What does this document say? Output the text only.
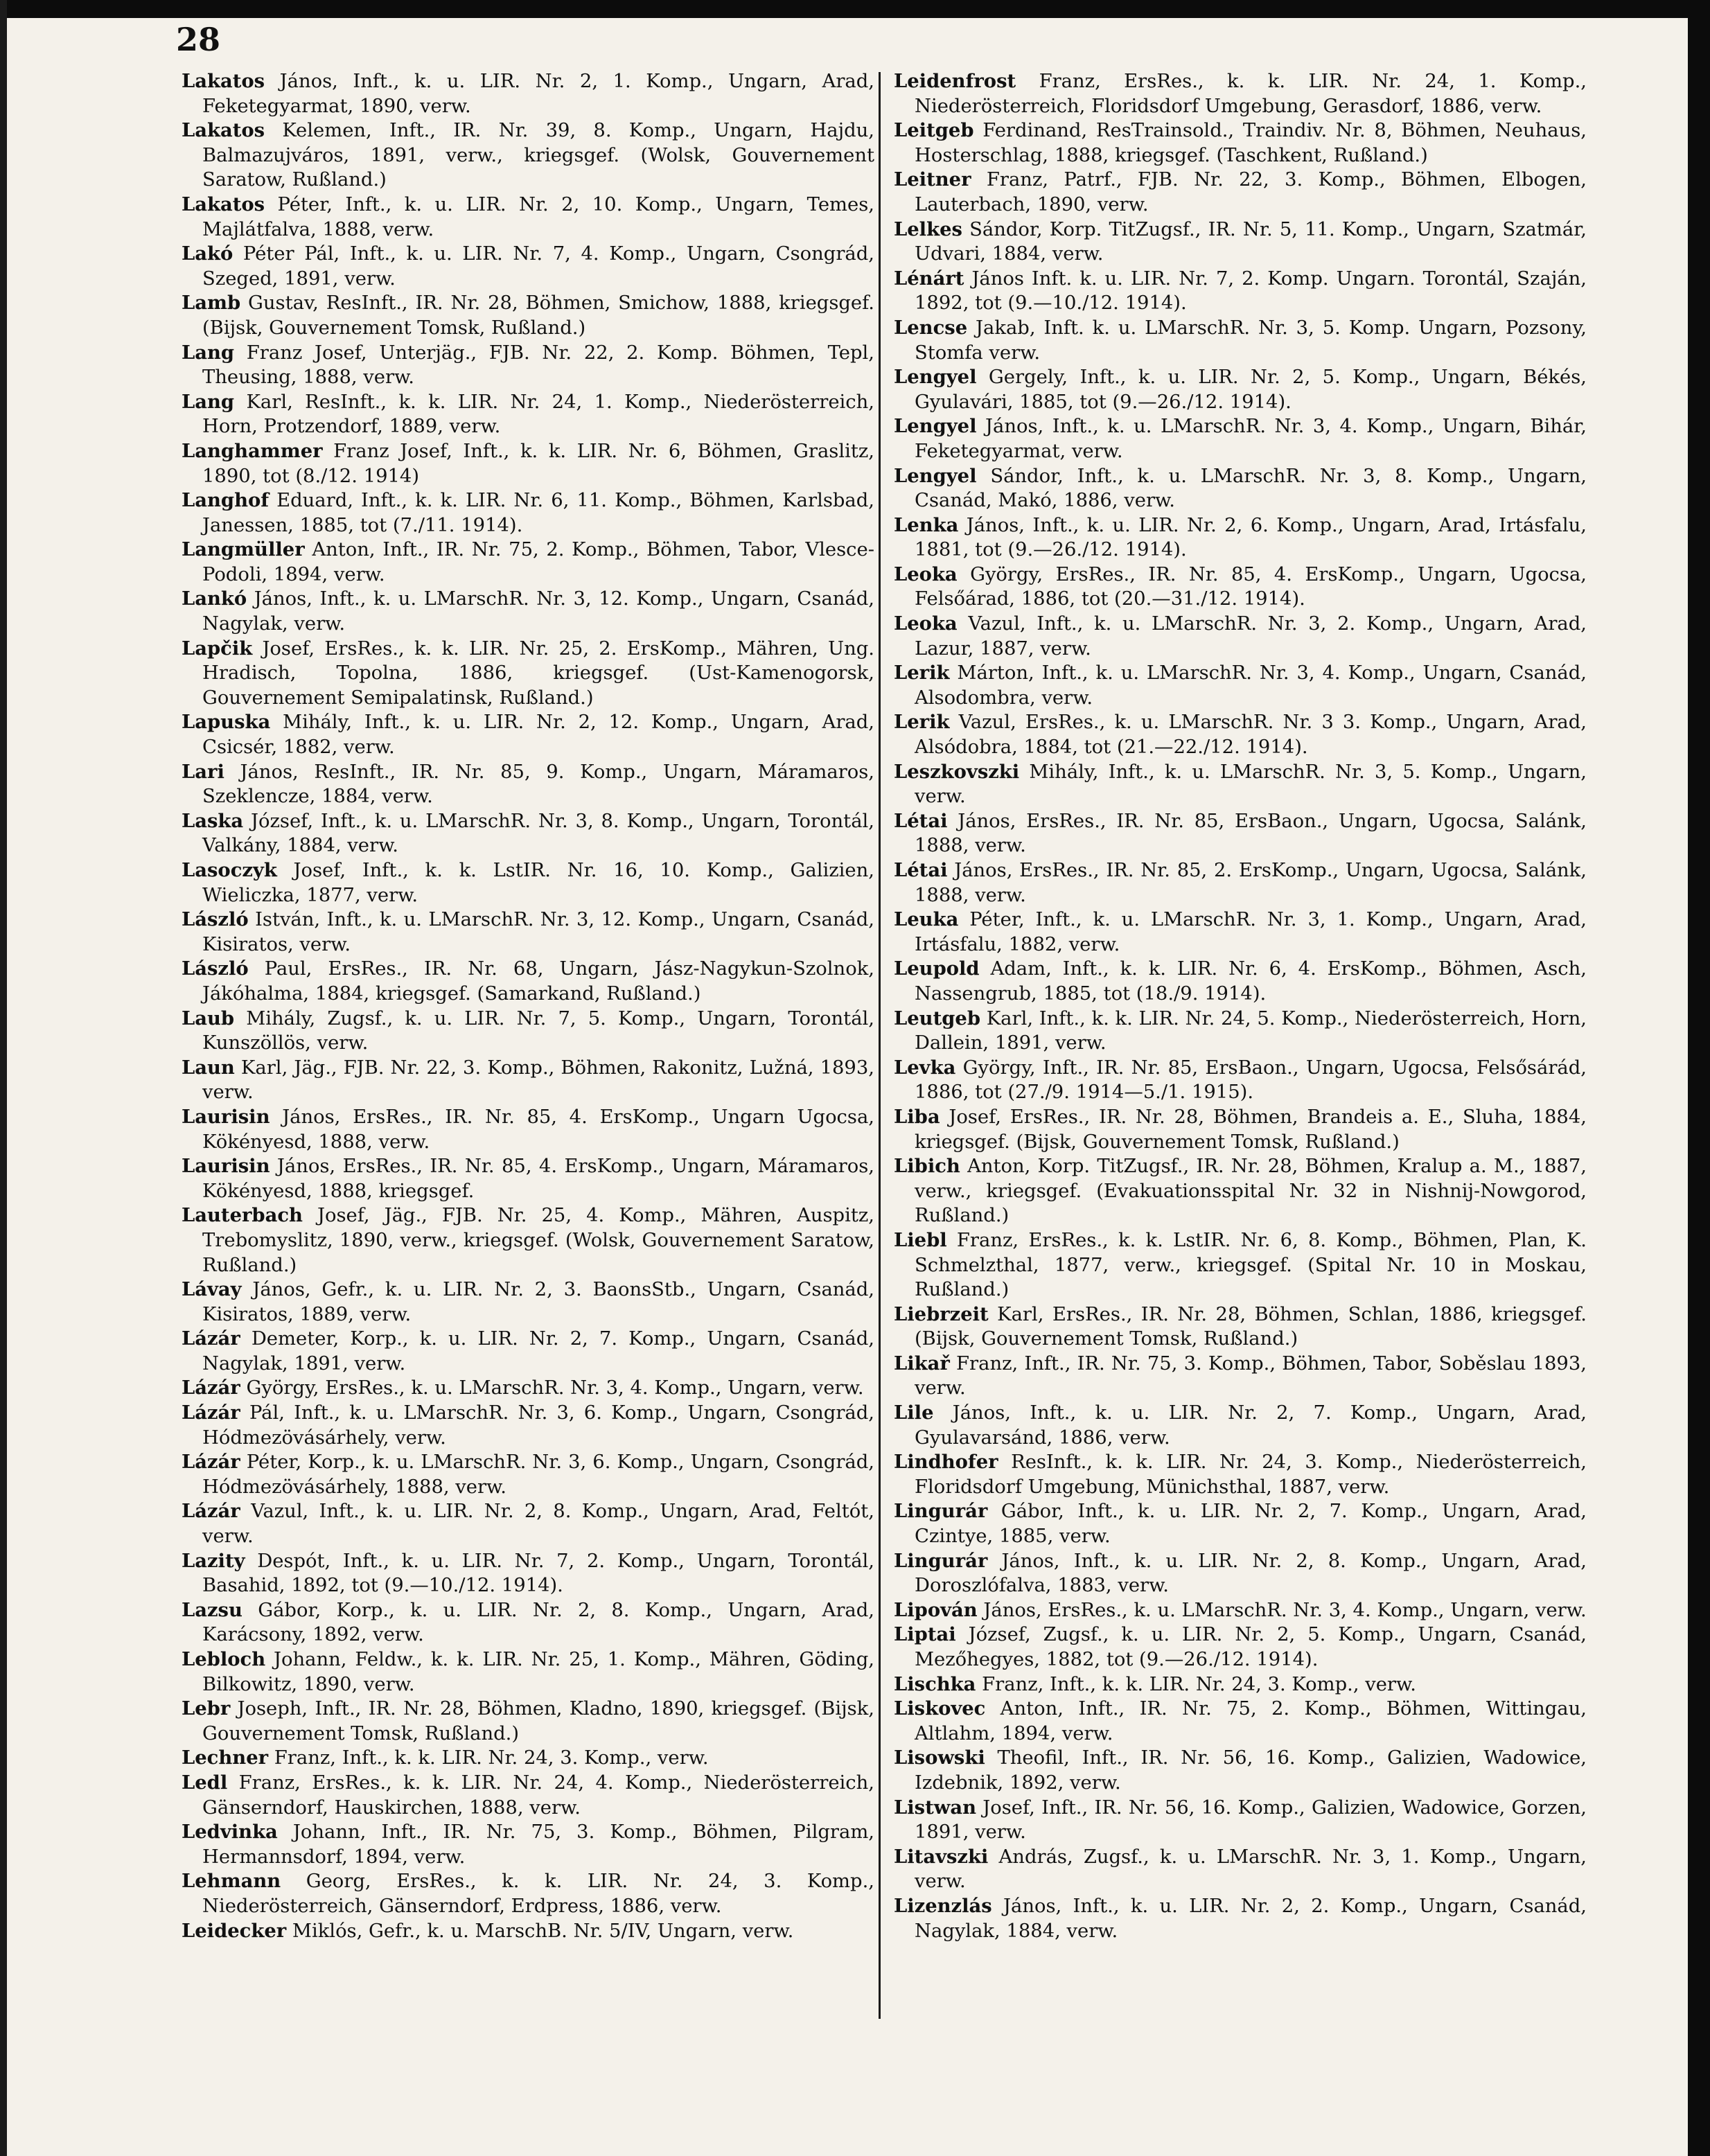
28

Lakatos János, Inft., k. u. LIR. Nr. 2, 1. Komp., Ungarn, Arad, Feketegyarmat, 1890, verw.

Lakatos Kelemen, Inft., IR. Nr. 39, 8. Komp., Ungarn, Hajdu, Balmazujváros, 1891, verw., kriegsgef. (Wolsk, Gouvernement Saratow, Rußland.)

Lakatos Péter, Inft., k. u. LIR. Nr. 2, 10. Komp., Ungarn, Temes, Majlátfalva, 1888, verw.

Lakó Péter Pál, Inft., k. u. LIR. Nr. 7, 4. Komp., Ungarn, Csongrád, Szeged, 1891, verw.

Lamb Gustav, ResInft., IR. Nr. 28, Böhmen, Smichow, 1888, kriegsgef. (Bijsk, Gouvernement Tomsk, Rußland.)

Lang Franz Josef, Unterjäg., FJB. Nr. 22, 2. Komp. Böhmen, Tepl, Theusing, 1888, verw.

Lang Karl, ResInft., k. k. LIR. Nr. 24, 1. Komp., Niederösterreich, Horn, Protzendorf, 1889, verw.

Langhammer Franz Josef, Inft., k. k. LIR. Nr. 6, Böhmen, Graslitz, 1890, tot (8./12. 1914)

Langhof Eduard, Inft., k. k. LIR. Nr. 6, 11. Komp., Böhmen, Karlsbad, Janessen, 1885, tot (7./11. 1914).

Langmüller Anton, Inft., IR. Nr. 75, 2. Komp., Böhmen, Tabor, Vlesce-Podoli, 1894, verw.

Lankó János, Inft., k. u. LMarschR. Nr. 3, 12. Komp., Ungarn, Csanád, Nagylak, verw.

Lapčik Josef, ErsRes., k. k. LIR. Nr. 25, 2. ErsKomp., Mähren, Ung. Hradisch, Topolna, 1886, kriegsgef. (Ust-Kamenogorsk, Gouvernement Semipalatinsk, Rußland.)

Lapuska Mihály, Inft., k. u. LIR. Nr. 2, 12. Komp., Ungarn, Arad, Csicsér, 1882, verw.

Lari János, ResInft., IR. Nr. 85, 9. Komp., Ungarn, Máramaros, Szeklencze, 1884, verw.

Laska József, Inft., k. u. LMarschR. Nr. 3, 8. Komp., Ungarn, Torontál, Valkány, 1884, verw.

Lasoczyk Josef, Inft., k. k. LstIR. Nr. 16, 10. Komp., Galizien, Wieliczka, 1877, verw.

László István, Inft., k. u. LMarschR. Nr. 3, 12. Komp., Ungarn, Csanád, Kisiratos, verw.

László Paul, ErsRes., IR. Nr. 68, Ungarn, Jász-Nagykun-Szolnok, Jákóhalma, 1884, kriegsgef. (Samarkand, Rußland.)

Laub Mihály, Zugsf., k. u. LIR. Nr. 7, 5. Komp., Ungarn, Torontál, Kunszöllös, verw.

Laun Karl, Jäg., FJB. Nr. 22, 3. Komp., Böhmen, Rakonitz, Lužná, 1893, verw.

Laurisin János, ErsRes., IR. Nr. 85, 4. ErsKomp., Ungarn Ugocsa, Kökényesd, 1888, verw.

Laurisin János, ErsRes., IR. Nr. 85, 4. ErsKomp., Ungarn, Máramaros, Kökényesd, 1888, kriegsgef.

Lauterbach Josef, Jäg., FJB. Nr. 25, 4. Komp., Mähren, Auspitz, Trebomyslitz, 1890, verw., kriegsgef. (Wolsk, Gouvernement Saratow, Rußland.)

Lávay János, Gefr., k. u. LIR. Nr. 2, 3. BaonsStb., Ungarn, Csanád, Kisiratos, 1889, verw.

Lázár Demeter, Korp., k. u. LIR. Nr. 2, 7. Komp., Ungarn, Csanád, Nagylak, 1891, verw.

Lázár György, ErsRes., k. u. LMarschR. Nr. 3, 4. Komp., Ungarn, verw.

Lázár Pál, Inft., k. u. LMarschR. Nr. 3, 6. Komp., Ungarn, Csongrád, Hódmezövásárhely, verw.

Lázár Péter, Korp., k. u. LMarschR. Nr. 3, 6. Komp., Ungarn, Csongrád, Hódmezövásárhely, 1888, verw.

Lázár Vazul, Inft., k. u. LIR. Nr. 2, 8. Komp., Ungarn, Arad, Feltót, verw.

Lazity Despót, Inft., k. u. LIR. Nr. 7, 2. Komp., Ungarn, Torontál, Basahid, 1892, tot (9.—10./12. 1914).

Lazsu Gábor, Korp., k. u. LIR. Nr. 2, 8. Komp., Ungarn, Arad, Karácsony, 1892, verw.

Lebloch Johann, Feldw., k. k. LIR. Nr. 25, 1. Komp., Mähren, Göding, Bilkowitz, 1890, verw.

Lebr Joseph, Inft., IR. Nr. 28, Böhmen, Kladno, 1890, kriegsgef. (Bijsk, Gouvernement Tomsk, Rußland.)

Lechner Franz, Inft., k. k. LIR. Nr. 24, 3. Komp., verw.

Ledl Franz, ErsRes., k. k. LIR. Nr. 24, 4. Komp., Niederösterreich, Gänserndorf, Hauskirchen, 1888, verw.

Ledvinka Johann, Inft., IR. Nr. 75, 3. Komp., Böhmen, Pilgram, Hermannsdorf, 1894, verw.

Lehmann Georg, ErsRes., k. k. LIR. Nr. 24, 3. Komp., Niederösterreich, Gänserndorf, Erdpress, 1886, verw.

Leidecker Miklós, Gefr., k. u. MarschB. Nr. 5/IV, Ungarn, verw.

Leidenfrost Franz, ErsRes., k. k. LIR. Nr. 24, 1. Komp., Niederösterreich, Floridsdorf Umgebung, Gerasdorf, 1886, verw.

Leitgeb Ferdinand, ResTrainsold., Traindiv. Nr. 8, Böhmen, Neuhaus, Hosterschlag, 1888, kriegsgef. (Taschkent, Rußland.)

Leitner Franz, Patrf., FJB. Nr. 22, 3. Komp., Böhmen, Elbogen, Lauterbach, 1890, verw.

Lelkes Sándor, Korp. TitZugsf., IR. Nr. 5, 11. Komp., Ungarn, Szatmár, Udvari, 1884, verw.

Lénárt János Inft. k. u. LIR. Nr. 7, 2. Komp. Ungarn. Torontál, Szaján, 1892, tot (9.—10./12. 1914).

Lencse Jakab, Inft. k. u. LMarschR. Nr. 3, 5. Komp. Ungarn, Pozsony, Stomfa verw.

Lengyel Gergely, Inft., k. u. LIR. Nr. 2, 5. Komp., Ungarn, Békés, Gyulavári, 1885, tot (9.—26./12. 1914).

Lengyel János, Inft., k. u. LMarschR. Nr. 3, 4. Komp., Ungarn, Bihár, Feketegyarmat, verw.

Lengyel Sándor, Inft., k. u. LMarschR. Nr. 3, 8. Komp., Ungarn, Csanád, Makó, 1886, verw.

Lenka János, Inft., k. u. LIR. Nr. 2, 6. Komp., Ungarn, Arad, Irtásfalu, 1881, tot (9.—26./12. 1914).

Leoka György, ErsRes., IR. Nr. 85, 4. ErsKomp., Ungarn, Ugocsa, Felsőárad, 1886, tot (20.—31./12. 1914).

Leoka Vazul, Inft., k. u. LMarschR. Nr. 3, 2. Komp., Ungarn, Arad, Lazur, 1887, verw.

Lerik Márton, Inft., k. u. LMarschR. Nr. 3, 4. Komp., Ungarn, Csanád, Alsodombra, verw.

Lerik Vazul, ErsRes., k. u. LMarschR. Nr. 3 3. Komp., Ungarn, Arad, Alsódobra, 1884, tot (21.—22./12. 1914).

Leszkovszki Mihály, Inft., k. u. LMarschR. Nr. 3, 5. Komp., Ungarn, verw.

Létai János, ErsRes., IR. Nr. 85, ErsBaon., Ungarn, Ugocsa, Salánk, 1888, verw.

Létai János, ErsRes., IR. Nr. 85, 2. ErsKomp., Ungarn, Ugocsa, Salánk, 1888, verw.

Leuka Péter, Inft., k. u. LMarschR. Nr. 3, 1. Komp., Ungarn, Arad, Irtásfalu, 1882, verw.

Leupold Adam, Inft., k. k. LIR. Nr. 6, 4. ErsKomp., Böhmen, Asch, Nassengrub, 1885, tot (18./9. 1914).

Leutgeb Karl, Inft., k. k. LIR. Nr. 24, 5. Komp., Niederösterreich, Horn, Dallein, 1891, verw.

Levka György, Inft., IR. Nr. 85, ErsBaon., Ungarn, Ugocsa, Felsősárád, 1886, tot (27./9. 1914—5./1. 1915).

Liba Josef, ErsRes., IR. Nr. 28, Böhmen, Brandeis a. E., Sluha, 1884, kriegsgef. (Bijsk, Gouvernement Tomsk, Rußland.)

Libich Anton, Korp. TitZugsf., IR. Nr. 28, Böhmen, Kralup a. M., 1887, verw., kriegsgef. (Evakuationsspital Nr. 32 in Nishnij-Nowgorod, Rußland.)

Liebl Franz, ErsRes., k. k. LstIR. Nr. 6, 8. Komp., Böhmen, Plan, K. Schmelzthal, 1877, verw., kriegsgef. (Spital Nr. 10 in Moskau, Rußland.)

Liebrzeit Karl, ErsRes., IR. Nr. 28, Böhmen, Schlan, 1886, kriegsgef. (Bijsk, Gouvernement Tomsk, Rußland.)

Likař Franz, Inft., IR. Nr. 75, 3. Komp., Böhmen, Tabor, Soběslau 1893, verw.

Lile János, Inft., k. u. LIR. Nr. 2, 7. Komp., Ungarn, Arad, Gyulavarsánd, 1886, verw.

Lindhofer ResInft., k. k. LIR. Nr. 24, 3. Komp., Niederösterreich, Floridsdorf Umgebung, Münichsthal, 1887, verw.

Lingurár Gábor, Inft., k. u. LIR. Nr. 2, 7. Komp., Ungarn, Arad, Czintye, 1885, verw.

Lingurár János, Inft., k. u. LIR. Nr. 2, 8. Komp., Ungarn, Arad, Doroszlófalva, 1883, verw.

Lipován János, ErsRes., k. u. LMarschR. Nr. 3, 4. Komp., Ungarn, verw.

Liptai József, Zugsf., k. u. LIR. Nr. 2, 5. Komp., Ungarn, Csanád, Mezőhegyes, 1882, tot (9.—26./12. 1914).

Lischka Franz, Inft., k. k. LIR. Nr. 24, 3. Komp., verw.

Liskovec Anton, Inft., IR. Nr. 75, 2. Komp., Böhmen, Wittingau, Altlahm, 1894, verw.

Lisowski Theofil, Inft., IR. Nr. 56, 16. Komp., Galizien, Wadowice, Izdebnik, 1892, verw.

Listwan Josef, Inft., IR. Nr. 56, 16. Komp., Galizien, Wadowice, Gorzen, 1891, verw.

Litavszki András, Zugsf., k. u. LMarschR. Nr. 3, 1. Komp., Ungarn, verw.

Lizenzlás János, Inft., k. u. LIR. Nr. 2, 2. Komp., Ungarn, Csanád, Nagylak, 1884, verw.
